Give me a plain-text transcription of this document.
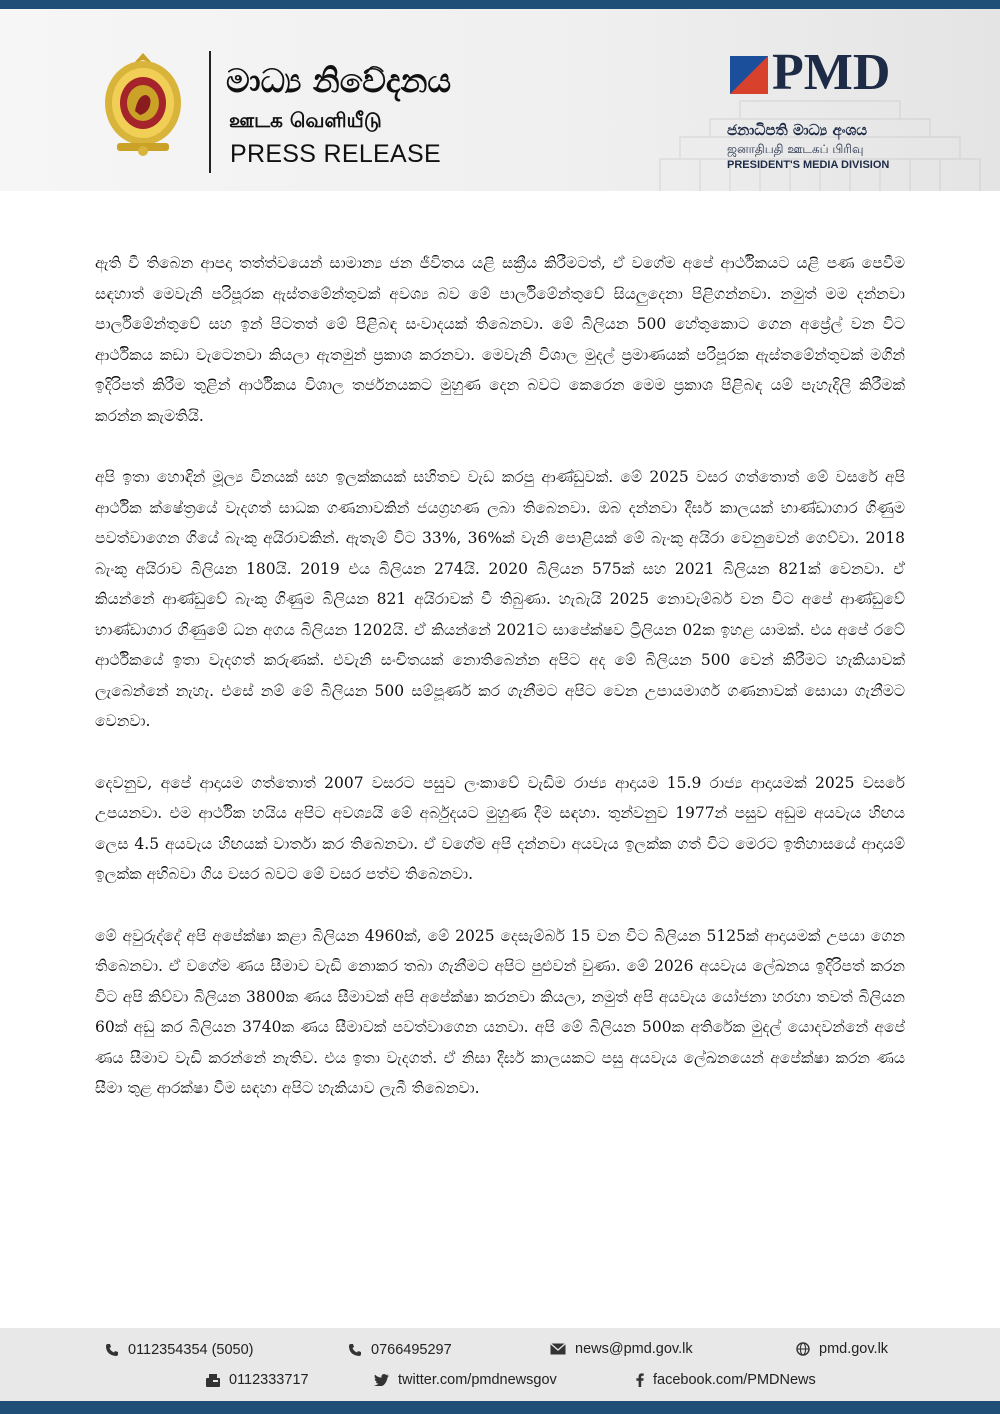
මාධ්‍ය නිවේදනය
ஊடக வெளியீடு
PRESS RELEASE
PMD
ජනාධිපති මාධ්‍ය අංශය
ஜனாதிபதி ஊடகப் பிரிவு
PRESIDENT'S MEDIA DIVISION

ඇති වී තිබෙන ආපදා තත්ත්වයෙන් සාමාන්‍ය ජන ජීවිතය යළි සක්‍රීය කිරීමටත්, ඒ වගේම අපේ ආර්ථිකයට යළි පණ පෙවීම සඳහාත් මෙවැනි පරිපූරක ඇස්තමේන්තුවක් අවශ්‍ය බව මේ පාර්ලිමේන්තුවේ සියලුදෙනා පිළිගන්නවා. නමුත් මම දන්නවා පාර්ලිමේන්තුවේ සහ ඉන් පිටතත් මේ පිළිබඳ සංවාදයක් තිබෙනවා. මේ බිලියන 500 හේතුකොට ගෙන අප්‍රේල් වන විට ආර්ථිකය කඩා වැටෙනවා කියලා ඇතමුන් ප්‍රකාශ කරනවා. මෙවැනි විශාල මුදල් ප්‍රමාණයක් පරිපූරක ඇස්තමේන්තුවක් මගින් ඉදිරිපත් කිරීම තුළින් ආර්ථිකය විශාල තර්ජනයකට මුහුණ දෙන බවට කෙරෙන මෙම ප්‍රකාශ පිළිබඳ යම් පැහැදිලි කිරීමක් කරන්න කැමතියි.

අපි ඉතා හොඳින් මූල්‍ය විනයක් සහ ඉලක්කයක් සහිතව වැඩ කරපු ආණ්ඩුවක්. මේ 2025 වසර ගත්තොත් මේ වසරේ අපි ආර්ථික ක්ෂේත්‍රයේ වැදගත් සාධක ගණනාවකින් ජයග්‍රහණ ලබා තිබෙනවා. ඔබ දන්නවා දීර්ඝ කාලයක් භාණ්ඩාගාර ගිණුම පවත්වාගෙන ගියේ බැංකු අයිරාවකින්. ඇතැම් විට 33%, 36%ක් වැනි පොළියක් මේ බැංකු අයිරා වෙනුවෙන් ගෙව්වා. 2018 බැංකු අයිරාව බිලියන 180යි. 2019 එය බිලියන 274යි. 2020 බිලියන 575ක් සහ 2021 බිලියන 821ක් වෙනවා. ඒ කියන්නේ ආණ්ඩුවේ බැංකු ගිණුම බිලියන 821 අයිරාවක් වී තිබුණා. හැබැයි 2025 නොවැම්බර් වන විට අපේ ආණ්ඩුවේ භාණ්ඩාගාර ගිණුමේ ධන අගය බිලියන 1202යි. ඒ කියන්නේ 2021ට සාපේක්ෂව ට්‍රිලියන 02ක ඉහළ යාමක්. එය අපේ රටේ ආර්ථිකයේ ඉතා වැදගත් කරුණක්. එවැනි සංචිතයක් නොතිබෙන්න අපිට අද මේ බිලියන 500 වෙන් කිරීමට හැකියාවක් ලැබෙන්නේ නැහැ. එසේ නම් මේ බිලියන 500 සම්පූර්ණ කර ගැනීමට අපිට වෙන උපායමාර්ග ගණනාවක් සොයා ගැනීමට වෙනවා.

දෙවනුව, අපේ ආදායම ගත්තොත් 2007 වසරට පසුව ලංකාවේ වැඩිම රාජ්‍ය ආදායම 15.9 රාජ්‍ය ආදායමක් 2025 වසරේ උපයනවා. එම ආර්ථික හයිය අපිට අවශ්‍යයි මේ අර්බුදයට මුහුණ දීම සඳහා. තුන්වනුව 1977න් පසුව අඩුම අයවැය හිඟය ලෙස 4.5 අයවැය හිඟයක් වාර්තා කර තිබෙනවා. ඒ වගේම අපි දන්නවා අයවැය ඉලක්ක ගත් විට මෙරට ඉතිහාසයේ ආදායම් ඉලක්ක අභිබවා ගිය වසර බවට මේ වසර පත්ව තිබෙනවා.

මේ අවුරුද්දේ අපි අපේක්ෂා කළා බිලියන 4960ක්, මේ 2025 දෙසැම්බර් 15 වන විට බිලියන 5125ක් ආදායමක් උපයා ගෙන තිබෙනවා. ඒ වගේම ණය සීමාව වැඩි නොකර තබා ගැනීමට අපිට පුළුවන් වුණා. මේ 2026 අයවැය ලේඛනය ඉදිරිපත් කරන විට අපි කිව්වා බිලියන 3800ක ණය සීමාවක් අපි අපේක්ෂා කරනවා කියලා, නමුත් අපි අයවැය යෝජනා හරහා තවත් බිලියන 60ක් අඩු කර බිලියන 3740ක ණය සීමාවක් පවත්වාගෙන යනවා. අපි මේ බිලියන 500ක අතිරේක මුදල් යොදවන්නේ අපේ ණය සීමාව වැඩි කරන්නේ නැතිව. එය ඉතා වැදගත්. ඒ නිසා දීර්ඝ කාලයකට පසු අයවැය ලේඛනයෙන් අපේක්ෂා කරන ණය සීමා තුළ ආරක්ෂා වීම සඳහා අපිට හැකියාව ලැබී තිබෙනවා.

0112354354 (5050)	0766495297	news@pmd.gov.lk	pmd.gov.lk
0112333717	twitter.com/pmdnewsgov	facebook.com/PMDNews
